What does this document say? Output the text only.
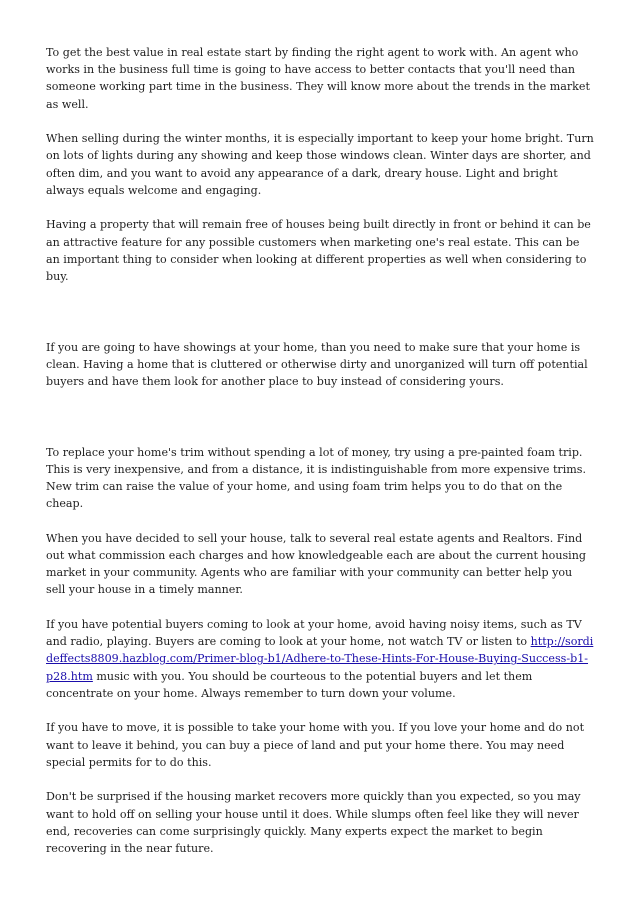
To get the best value in real estate start by finding the right agent to work with. An agent who works in the business full time is going to have access to better contacts that you'll need than someone working part time in the business. They will know more about the trends in the market as well.

When selling during the winter months, it is especially important to keep your home bright. Turn on lots of lights during any showing and keep those windows clean. Winter days are shorter, and often dim, and you want to avoid any appearance of a dark, dreary house. Light and bright always equals welcome and engaging.

Having a property that will remain free of houses being built directly in front or behind it can be an attractive feature for any possible customers when marketing one's real estate. This can be an important thing to consider when looking at different properties as well when considering to buy.

If you are going to have showings at your home, than you need to make sure that your home is clean. Having a home that is cluttered or otherwise dirty and unorganized will turn off potential buyers and have them look for another place to buy instead of considering yours.

To replace your home's trim without spending a lot of money, try using a pre-painted foam trip. This is very inexpensive, and from a distance, it is indistinguishable from more expensive trims. New trim can raise the value of your home, and using foam trim helps you to do that on the cheap.

When you have decided to sell your house, talk to several real estate agents and Realtors. Find out what commission each charges and how knowledgeable each are about the current housing market in your community. Agents who are familiar with your community can better help you sell your house in a timely manner.

If you have potential buyers coming to look at your home, avoid having noisy items, such as TV and radio, playing. Buyers are coming to look at your home, not watch TV or listen to http://sordideffects8809.hazblog.com/Primer-blog-b1/Adhere-to-These-Hints-For-House-Buying-Success-b1-p28.htm music with you. You should be courteous to the potential buyers and let them concentrate on your home. Always remember to turn down your volume.

If you have to move, it is possible to take your home with you. If you love your home and do not want to leave it behind, you can buy a piece of land and put your home there. You may need special permits for to do this.

Don't be surprised if the housing market recovers more quickly than you expected, so you may want to hold off on selling your house until it does. While slumps often feel like they will never end, recoveries can come surprisingly quickly. Many experts expect the market to begin recovering in the near future.
